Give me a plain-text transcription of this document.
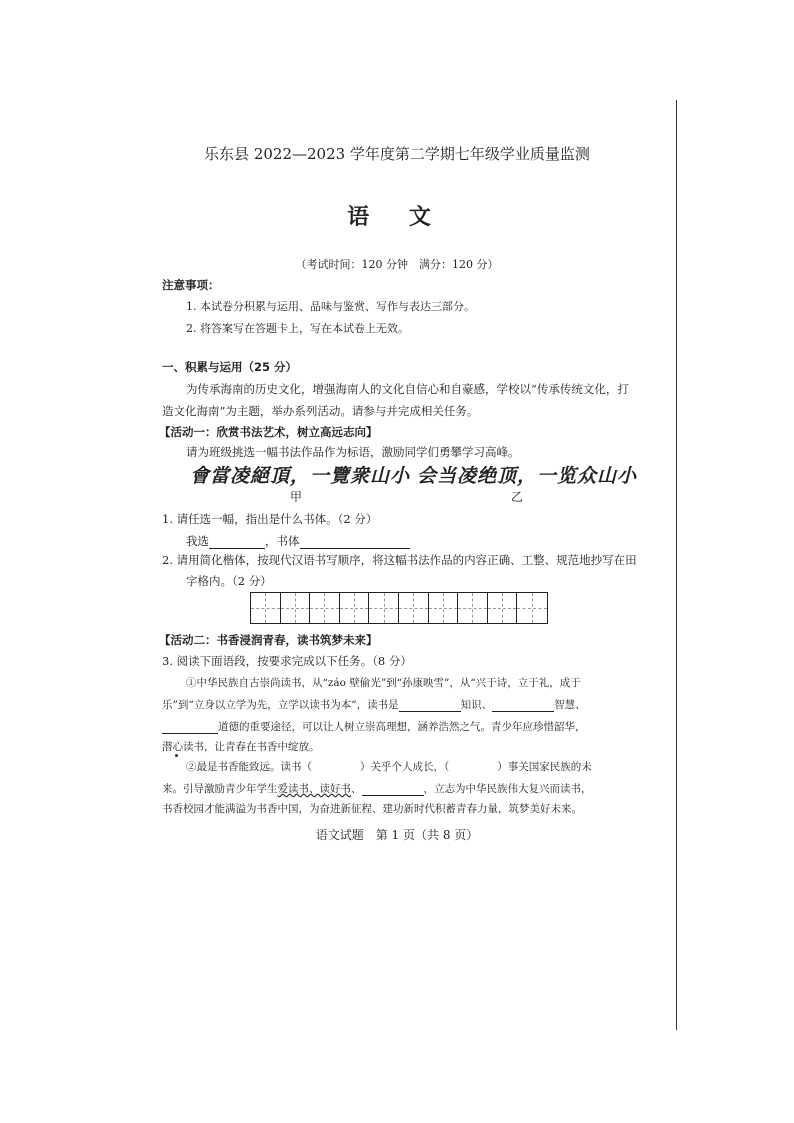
乐东县 2022—2023 学年度第二学期七年级学业质量监测
语 文
（考试时间：120 分钟　满分：120 分）
注意事项：
1. 本试卷分积累与运用、品味与鉴赏、写作与表达三部分。
2. 将答案写在答题卡上，写在本试卷上无效。
一、积累与运用（25 分）
为传承海南的历史文化，增强海南人的文化自信心和自豪感，学校以“传承传统文化，打
造文化海南”为主题，举办系列活动。请参与并完成相关任务。
【活动一：欣赏书法艺术，树立高远志向】
请为班级挑选一幅书法作品作为标语，激励同学们勇攀学习高峰。
會當凌絕頂，一覽衆山小 会当凌绝顶，一览众山小
甲	乙
1. 请任选一幅，指出是什么书体。（2 分）
我选	，书体
2. 请用简化楷体，按现代汉语书写顺序，将这幅书法作品的内容正确、工整、规范地抄写在田
字格内。（2 分）
【活动二：书香浸润青春，读书筑梦未来】
3. 阅读下面语段，按要求完成以下任务。（8 分）
①中华民族自古崇尚读书，从“záo 壁偷光”到“孙康映雪”，从“兴于诗，立于礼，成于
乐”到“立身以立学为先，立学以读书为本”，读书是	知识、	智慧、
道德的重要途径，可以让人树立崇高理想，涵养浩然之气。青少年应珍惜韶华，
潜心读书，让青春在书香中绽放。
②最是书香能致远。读书（	）关乎个人成长，（	）事关国家民族的未
来。引导激励青少年学生爱读书、读好书、	，立志为中华民族伟大复兴而读书，
书香校园才能满溢为书香中国，为奋进新征程、建功新时代积蓄青春力量，筑梦美好未来。
语文试题　第 1 页（共 8 页）
